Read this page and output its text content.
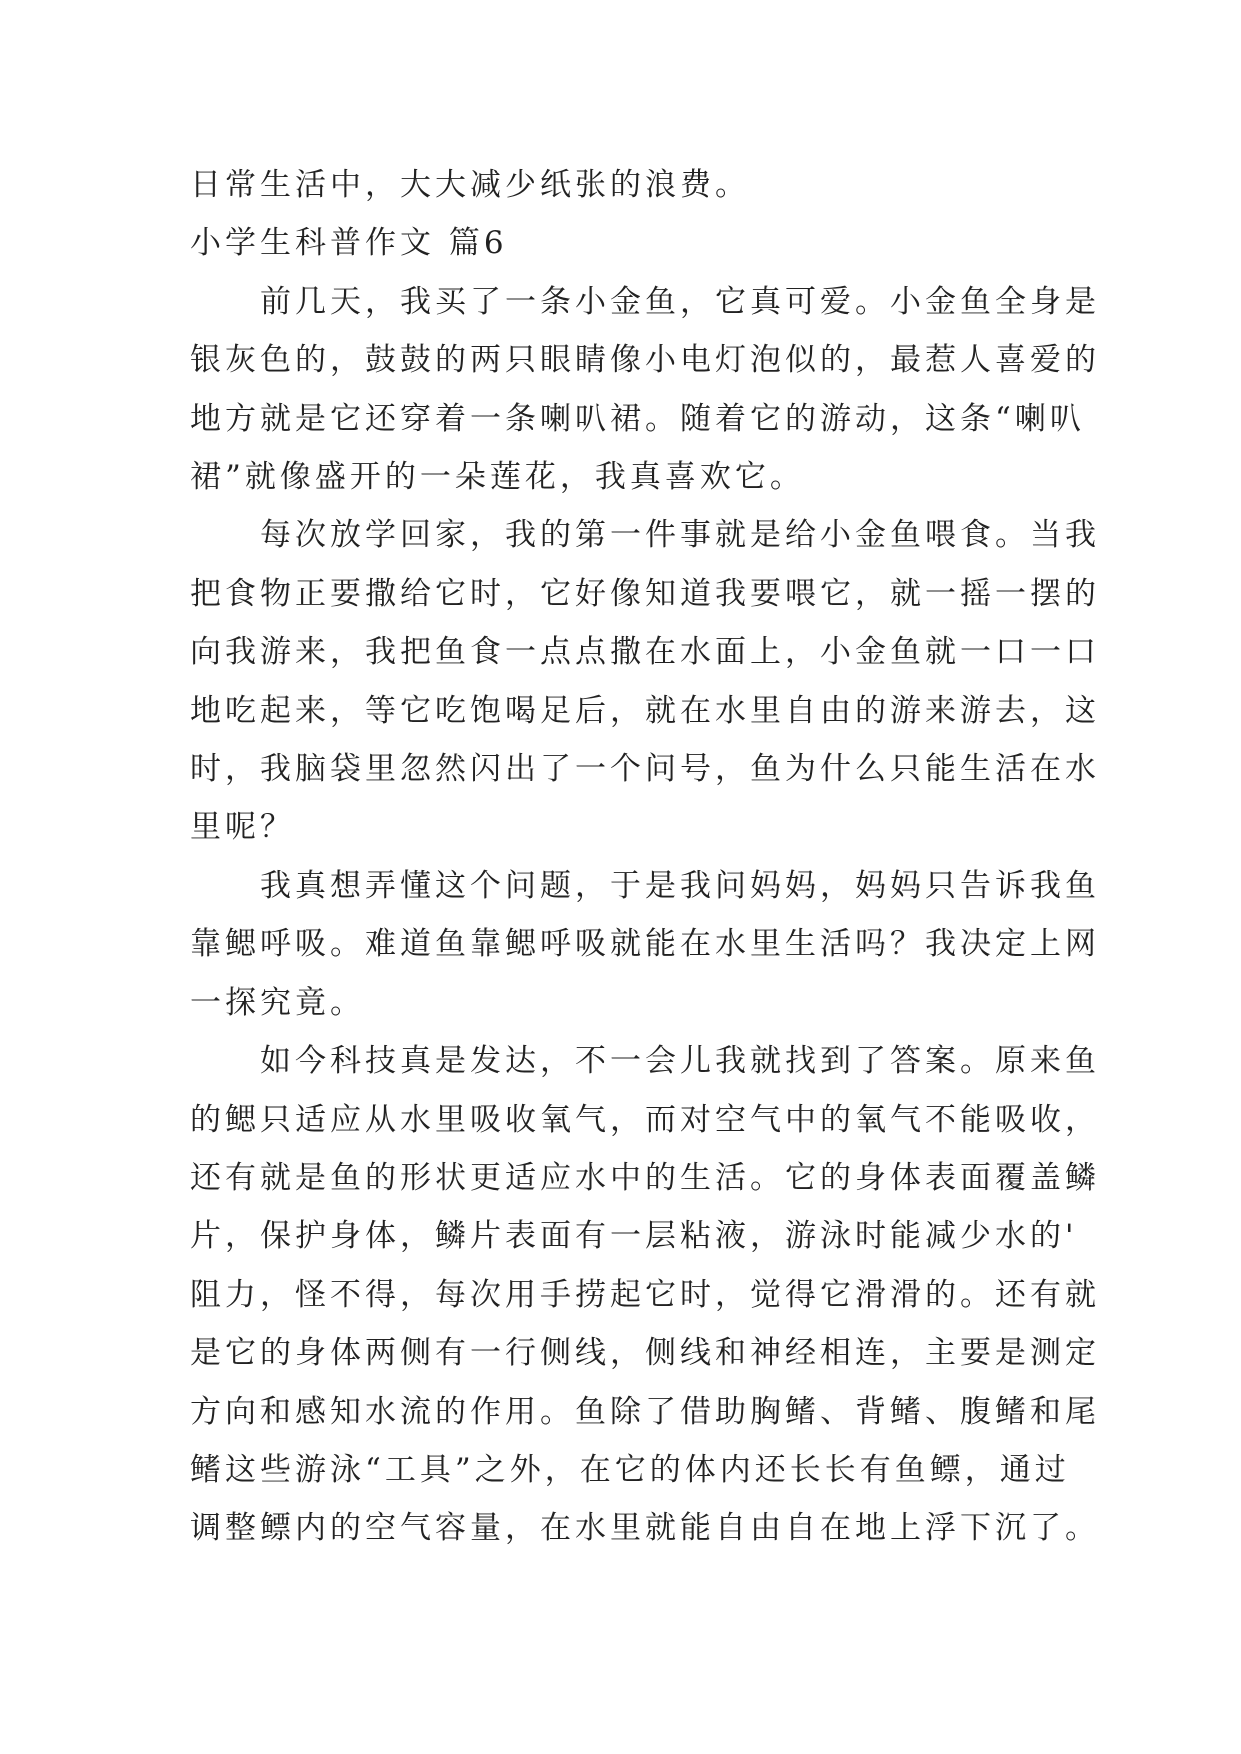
日常生活中，大大减少纸张的浪费。
小学生科普作文 篇6
前几天，我买了一条小金鱼，它真可爱。小金鱼全身是
银灰色的，鼓鼓的两只眼睛像小电灯泡似的，最惹人喜爱的
地方就是它还穿着一条喇叭裙。随着它的游动，这条“喇叭
裙”就像盛开的一朵莲花，我真喜欢它。
每次放学回家，我的第一件事就是给小金鱼喂食。当我
把食物正要撒给它时，它好像知道我要喂它，就一摇一摆的
向我游来，我把鱼食一点点撒在水面上，小金鱼就一口一口
地吃起来，等它吃饱喝足后，就在水里自由的游来游去，这
时，我脑袋里忽然闪出了一个问号，鱼为什么只能生活在水
里呢？
我真想弄懂这个问题，于是我问妈妈，妈妈只告诉我鱼
靠鳃呼吸。难道鱼靠鳃呼吸就能在水里生活吗？我决定上网
一探究竟。
如今科技真是发达，不一会儿我就找到了答案。原来鱼
的鳃只适应从水里吸收氧气，而对空气中的氧气不能吸收，
还有就是鱼的形状更适应水中的生活。它的身体表面覆盖鳞
片，保护身体，鳞片表面有一层粘液，游泳时能减少水的'
阻力，怪不得，每次用手捞起它时，觉得它滑滑的。还有就
是它的身体两侧有一行侧线，侧线和神经相连，主要是测定
方向和感知水流的作用。鱼除了借助胸鳍、背鳍、腹鳍和尾
鳍这些游泳“工具”之外，在它的体内还长长有鱼鳔，通过
调整鳔内的空气容量，在水里就能自由自在地上浮下沉了。
